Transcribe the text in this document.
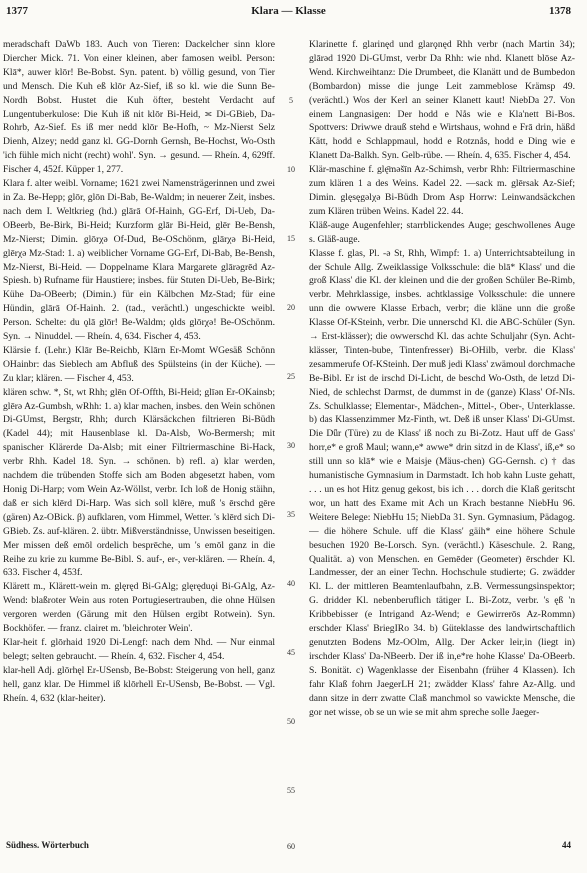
1377	Klara — Klasse	1378

meradschaft DaWb 183. Auch von Tieren: Dackelcher sinn klore Diercher Mick. 71. Von einer kleinen, aber famosen weibl. Person: Klā*, auwer klōr! Be-Bobst. Syn. patent. b) völlig gesund, von Tier und Mensch. Die Kuh eß klōr Az-Sief, iß so kl. wie die Sunn Be-Nordh Bobst. Hustet die Kuh öfter, besteht Verdacht auf Lungentuberkulose: Die Kuh iß nit klōr Bi-Heid, ≍ Di-GBieb, Da-Rohrb, Az-Sief. Es iß mer nedd klōr Be-Hofh, ~ Mz-Nierst Selz Dienh, Alzey; nedd ganz kl. GG-Dornh Gernsh, Be-Hochst, Wo-Osth 'ich fühle mich nicht (recht) wohl'. Syn. → gesund. — Rheín. 4, 629ff. Fischer 4, 452f. Küpper 1, 277.

Klara f. alter weibl. Vorname; 1621 zwei Namensträgerinnen und zwei in Za. Be-Hepp; glōr, glōn Di-Bab, Be-Waldm; in neuerer Zeit, insbes. nach dem I. Weltkrieg (hd.) glārā Of-Hainh, GG-Erf, Di-Ueb, Da-OBeerb, Be-Birk, Bi-Heid; Kurzform glār Bi-Heid, glēr Be-Bensh, Mz-Nierst; Dimin. glōrχə Of-Dud, Be-OSchönm, glārχə Bi-Heid, glērχə Mz-Stad: 1. a) weiblicher Vorname GG-Erf, Di-Bab, Be-Bensh, Mz-Nierst, Bi-Heid. — Doppelname Klara Margarete glārəgrēd Az-Spiesh. b) Rufname für Haustiere; insbes. für Stuten Di-Ueb, Be-Birk; Kühe Da-OBeerb; (Dimin.) für ein Kälbchen Mz-Stad; für eine Hündin, glārā Of-Hainh. 2. (tad., verächtl.) ungeschickte weibl. Person. Schelte: du ǫlā glōr! Be-Waldm; ǫlds glōrχə! Be-OSchönm. Syn. → Ninuddel. — Rheín. 4, 634. Fischer 4, 453.

Klärsie f. (Lehr.) Klār Be-Reichb, Klārn Er-Momt WGesäß Schönn OHainbr: das Sieblech am Abfluß des Spülsteins (in der Küche). — Zu klar; klären. — Fischer 4, 453.

klären schw. *, St, wt Rhh; glēn Of-Offth, Bi-Heid; glīən Er-OKainsb; glērə Az-Gumbsh, wRhh: 1. a) klar machen, insbes. den Wein schönen Di-GUmst, Bergstr, Rhh; durch Klärsäckchen filtrieren Bi-Büdh (Kadel 44); mit Hausenblase kl. Da-Alsb, Wo-Bermersh; mit spanischer Klärerde Da-Alsb; mit einer Filtriermaschine Bi-Hack, verbr Rhh. Kadel 18. Syn. → schönen. b) refl. a) klar werden, nachdem die trübenden Stoffe sich am Boden abgesetzt haben, vom Honig Di-Harp; vom Wein Az-Wöllst, verbr. Ich loß de Honig stäihn, daß er sich klērd Di-Harp. Was sich soll klēre, muß 's ērschd gēre (gären) Az-OBick. β) aufklaren, vom Himmel, Wetter. 's klērd sich Di-GBieb. Zs. auf-klären. 2. übtr. Mißverständnisse, Unwissen beseitigen. Mer missen deß emōl ordelich besprēche, um 's emōl ganz in die Reihe zu krie zu kumme Be-Bibl. S. auf-, er-, ver-klären. — Rheín. 4, 633. Fischer 4, 453f.

Klärett m., Klärett-wein m. glęręd Bi-GAlg; glęręduǫi Bi-GAlg, Az-Wend: blaßroter Wein aus roten Portugiesertrauben, die ohne Hülsen vergoren werden (Gärung mit den Hülsen ergibt Rotwein). Syn. Bockhöfer. — franz. clairet m. 'bleichroter Wein'.

Klar-heit f. glōrhaid 1920 Di-Lengf: nach dem Nhd. — Nur einmal belegt; selten gebraucht. — Rheín. 4, 632. Fischer 4, 454.

klar-hell Adj. glōrhęl Er-USensb, Be-Bobst: Steigerung von hell, ganz hell, ganz klar. De Himmel iß klōrhell Er-USensb, Be-Bobst. — Vgl. Rheín. 4, 632 (klar-heiter).

5
10
15
20
25
30
35
40
45
50
55
60

Klarinette f. glarinęd und glarǫnęd Rhh verbr (nach Martin 34); glārəd 1920 Di-GUmst, verbr Da Rhh: wie nhd. Klanett blōse Az-Wend. Kirchweihtanz: Die Drumbeet, die Klanätt und de Bumbedon (Bombardon) misse die junge Leit zammeblose Krämsp 49. (verächtl.) Wos der Kerl an seiner Klanett kaut! NiebDa 27. Von einem Langnasigen: Der hodd e Nås wie e Kla'nett Bi-Bos. Spottvers: Driwwe drauß stehd e Wirtshaus, wohnd e Frā drin, häßd Kätt, hodd e Schlappmaul, hodd e Rotznås, hodd e Ding wie e Klanett Da-Balkh. Syn. Gelb-rübe. — Rheín. 4, 635. Fischer 4, 454.

Klär-maschine f. glę̄məšīn Az-Schimsh, verbr Rhh: Filtriermaschine zum klären 1 a des Weins. Kadel 22. —sack m. glērsak Az-Sief; Dimin. glęsęgəlχə Bi-Büdh Drom Asp Horrw: Leinwandsäckchen zum Klären trüben Weins. Kadel 22. 44.

Kläß-auge Augenfehler; starrblickendes Auge; geschwollenes Auge s. Gläß-auge.

Klasse f. glas, Pl. -ə St, Rhh, Wimpf: 1. a) Unterrichtsabteilung in der Schule Allg. Zweiklassige Volksschule: die blā* Klass' und die groß Klass' die Kl. der kleinen und die der großen Schüler Be-Rimb, verbr. Mehrklassige, insbes. achtklassige Volksschule: die unnere unn die owwere Klasse Erbach, verbr; die kläne unn die große Klasse Of-KSteinh, verbr. Die unnerschd Kl. die ABC-Schüler (Syn. → Erst-klässer); die owwerschd Kl. das achte Schuljahr (Syn. Acht-klässer, Tinten-bube, Tintenfresser) Bi-OHilb, verbr. die Klass' zesammerufe Of-KSteinh. Der muß jedi Klass' zwämoul dorchmache Be-Bibl. Er ist de irschd Di-Licht, de beschd Wo-Osth, de letzd Di-Nied, de schlechst Darmst, de dummst in de (ganze) Klass' Of-NIs. Zs. Schulklasse; Elementar-, Mädchen-, Mittel-, Ober-, Unterklasse. b) das Klassenzimmer Mz-Finth, wt. Deß iß unser Klass' Di-GUmst. Die Dǖr (Türe) zu de Klass' iß noch zu Bi-Zotz. Haut uff de Gass' horr,e* e groß Maul; wann,e* awwe* drin sitzd in de Klass', iß,e* so still unn so klā* wie e Maisje (Mäus-chen) GG-Gernsh. c) † das humanistische Gymnasium in Darmstadt. Ich hob kahn Luste gehatt, . . . un es hot Hitz genug gekost, bis ich . . . dorch die Klaß geritscht wor, un hatt des Exame mit Ach un Krach bestanne NiebHu 96. Weitere Belege: NiebHu 15; NiebDa 31. Syn. Gymnasium, Pädagog. — die höhere Schule. uff die Klass' gäih* eine höhere Schule besuchen 1920 Be-Lorsch. Syn. (verächtl.) Käseschule. 2. Rang, Qualität. a) von Menschen. en Gemēder (Geometer) ērschder Kl. Landmesser, der an einer Techn. Hochschule studierte; G. zwädder Kl. L. der mittleren Beamtenlaufbahn, z.B. Vermessungsinspektor; G. dridder Kl. nebenberuflich tätiger L. Bi-Zotz, verbr. 's ęß 'n Kribbebisser (e Intrigand Az-Wend; e Gewirrerōs Az-Rommn) erschder Klass' BriegIRo 34. b) Güteklasse des landwirtschaftlich genutzten Bodens Mz-OOlm, Allg. Der Acker leir,in (liegt in) irschder Klass' Da-NBeerb. Der iß in,e*re hohe Klasse' Da-OBeerb. S. Bonität. c) Wagenklasse der Eisenbahn (früher 4 Klassen). Ich fahr Klaß fohrn JaegerLH 21; zwädder Klass' fahre Az-Allg. und dann sitze in derr zwatte Claß manchmol so vawickte Mensche, die gor net wisse, ob se un wie se mit ahm spreche solle Jaeger-

Südhess. Wörterbuch	44
